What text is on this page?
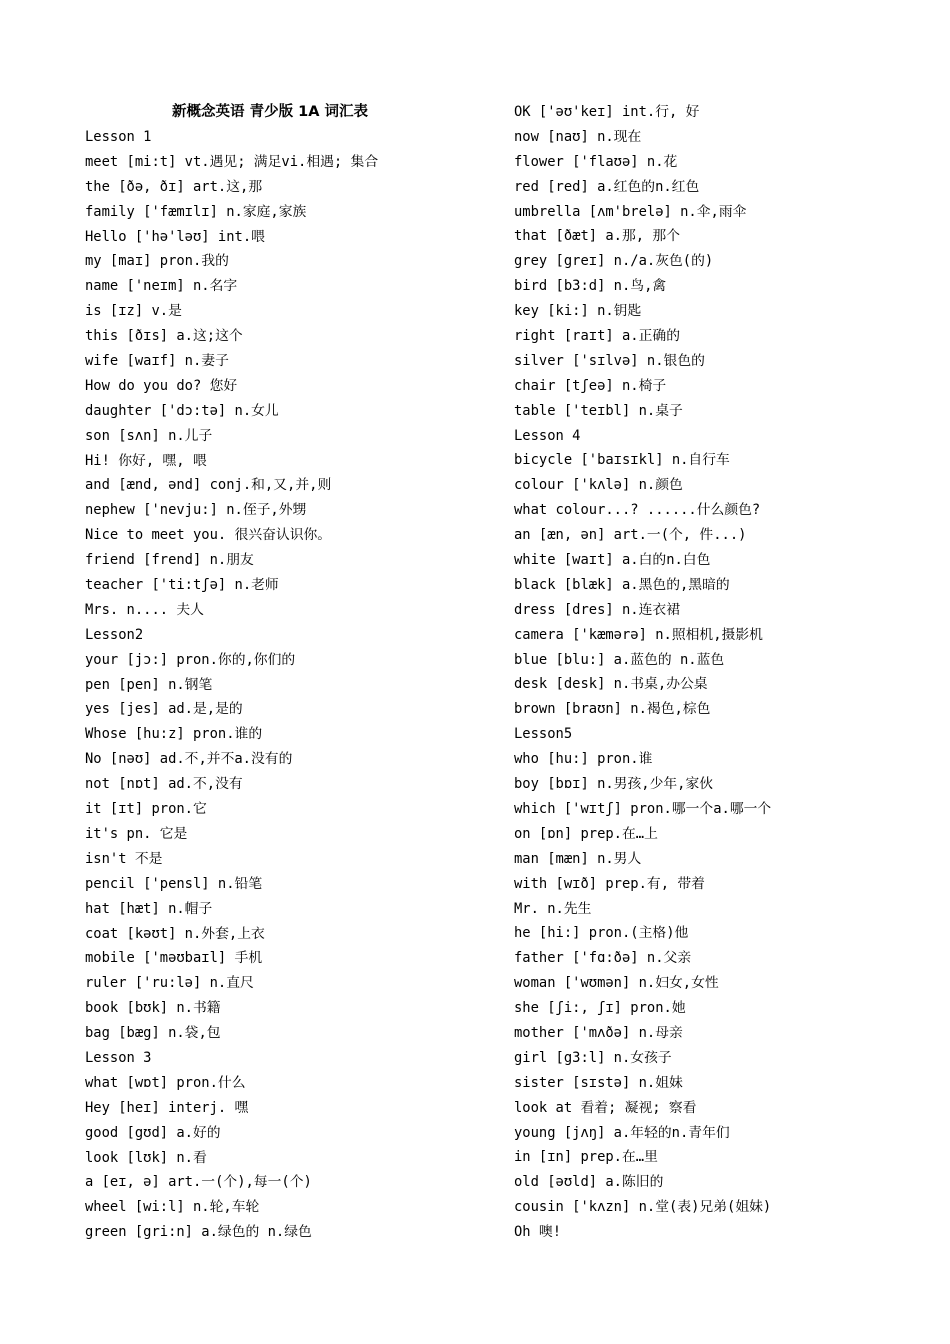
新概念英语 青少版 1A 词汇表
Lesson 1
meet [mi:t] vt.遇见; 满足vi.相遇; 集合
the [ðə, ðɪ] art.这,那
family ['fæmɪlɪ] n.家庭,家族
Hello ['hə'ləʊ] int.喂
my [maɪ] pron.我的
name ['neɪm] n.名字
is [ɪz] v.是
this [ðɪs] a.这;这个
wife [waɪf] n.妻子
How do you do? 您好
daughter ['dɔ:tə] n.女儿
son [sʌn] n.儿子
Hi! 你好, 嘿, 喂
and [ænd, ənd] conj.和,又,并,则
nephew ['nevju:] n.侄子,外甥
Nice to meet you. 很兴奋认识你。
friend [frend] n.朋友
teacher ['ti:tʃə] n.老师
Mrs. n.... 夫人
Lesson2
your [jɔ:] pron.你的,你们的
pen [pen] n.钢笔
yes [jes] ad.是,是的
Whose [hu:z] pron.谁的
No [nəʊ] ad.不,并不a.没有的
not [nɒt] ad.不,没有
it [ɪt] pron.它
it's pn. 它是
isn't 不是
pencil ['pensl] n.铅笔
hat [hæt] n.帽子
coat [kəʊt] n.外套,上衣
mobile ['məʊbaɪl] 手机
ruler ['ru:lə] n.直尺
book [bʊk] n.书籍
bag [bæg] n.袋,包
Lesson 3
what [wɒt] pron.什么
Hey [heɪ] interj. 嘿
good [gʊd] a.好的
look [lʊk] n.看
a [eɪ, ə] art.一(个),每一(个)
wheel [wi:l] n.轮,车轮
green [gri:n] a.绿色的 n.绿色
OK ['əʊ'keɪ] int.行, 好
now [naʊ] n.现在
flower ['flaʊə] n.花
red [red] a.红色的n.红色
umbrella [ʌm'brelə] n.伞,雨伞
that [ðæt] a.那, 那个
grey [greɪ] n./a.灰色(的)
bird [b3:d] n.鸟,禽
key [ki:] n.钥匙
right [raɪt] a.正确的
silver ['sɪlvə] n.银色的
chair [tʃeə] n.椅子
table ['teɪbl] n.桌子
Lesson 4
bicycle ['baɪsɪkl] n.自行车
colour ['kʌlə] n.颜色
what colour...? ......什么颜色?
an [æn, ən] art.一(个, 件...)
white [waɪt] a.白的n.白色
black [blæk] a.黑色的,黑暗的
dress [dres] n.连衣裙
camera ['kæmərə] n.照相机,摄影机
blue [blu:] a.蓝色的 n.蓝色
desk [desk] n.书桌,办公桌
brown [braʊn] n.褐色,棕色
Lesson5
who [hu:] pron.谁
boy [bɒɪ] n.男孩,少年,家伙
which ['wɪtʃ] pron.哪一个a.哪一个
on [ɒn] prep.在…上
man [mæn] n.男人
with [wɪð] prep.有, 带着
Mr. n.先生
he [hi:] pron.(主格)他
father ['fɑ:ðə] n.父亲
woman ['wʊmən] n.妇女,女性
she [ʃi:, ʃɪ] pron.她
mother ['mʌðə] n.母亲
girl [g3:l] n.女孩子
sister [sɪstə] n.姐妹
look at 看着; 凝视; 察看
young [jʌŋ] a.年轻的n.青年们
in [ɪn] prep.在…里
old [əʊld] a.陈旧的
cousin ['kʌzn] n.堂(表)兄弟(姐妹)
Oh 噢!
